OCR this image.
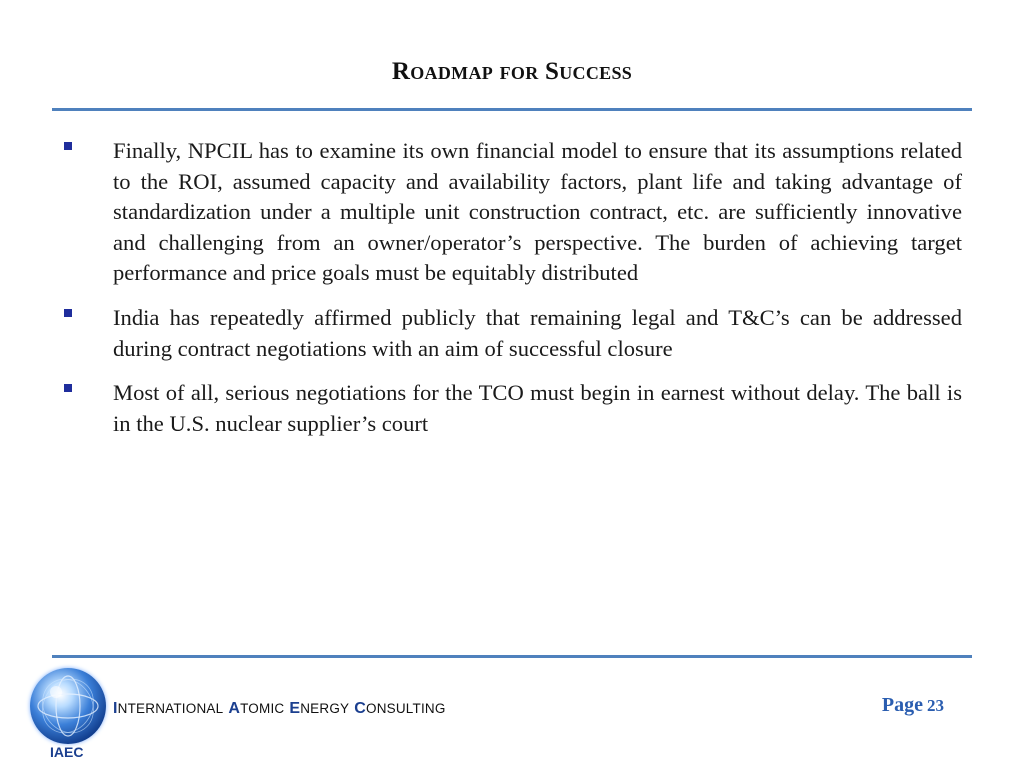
Roadmap for Success
Finally, NPCIL has to examine its own financial model to ensure that its assumptions related to the ROI, assumed capacity and availability factors, plant life and taking advantage of standardization under a multiple unit construction contract, etc. are sufficiently innovative and challenging from an owner/operator’s perspective. The burden of achieving target performance and price goals must be equitably distributed
India has repeatedly affirmed publicly that remaining legal and T&C’s can be addressed during contract negotiations with an aim of successful closure
Most of all, serious negotiations for the TCO must begin in earnest without delay. The ball is in the U.S. nuclear supplier’s court
IAEC
INTERNATIONAL ATOMIC ENERGY CONSULTING	Page 23
